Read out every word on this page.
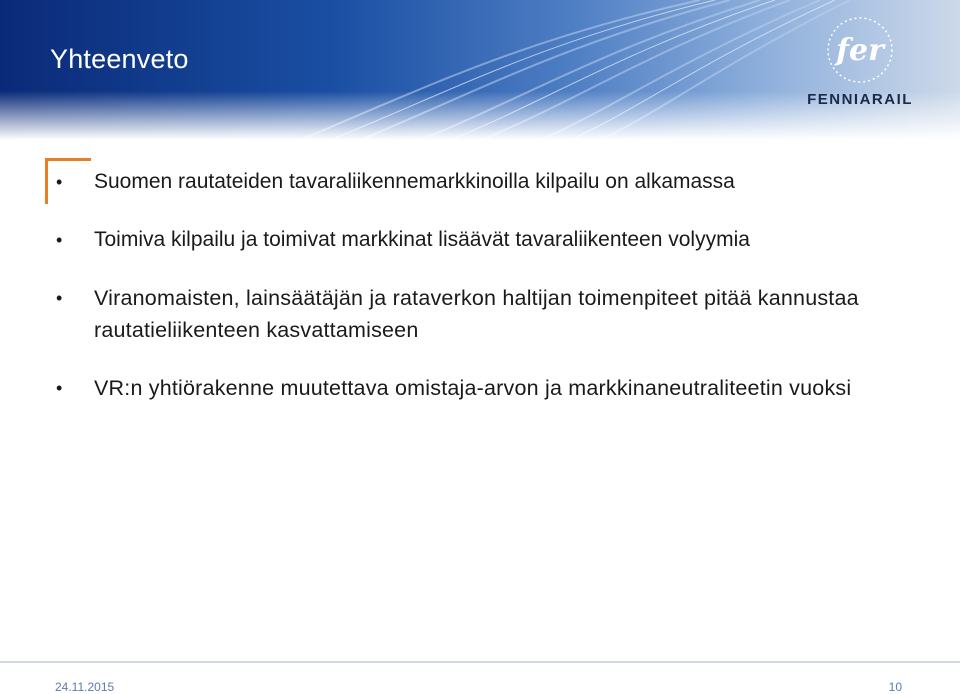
Yhteenveto	fer
FENNIARAIL
• Suomen rautateiden tavaraliikennemarkkinoilla kilpailu on alkamassa
• Toimiva kilpailu ja toimivat markkinat lisäävät tavaraliikenteen volyymia
• Viranomaisten, lainsäätäjän ja rataverkon haltijan toimenpiteet pitää kannustaa rautatieliikenteen kasvattamiseen
• VR:n yhtiörakenne muutettava omistaja-arvon ja markkinaneutraliteetin vuoksi
24.11.2015	10
